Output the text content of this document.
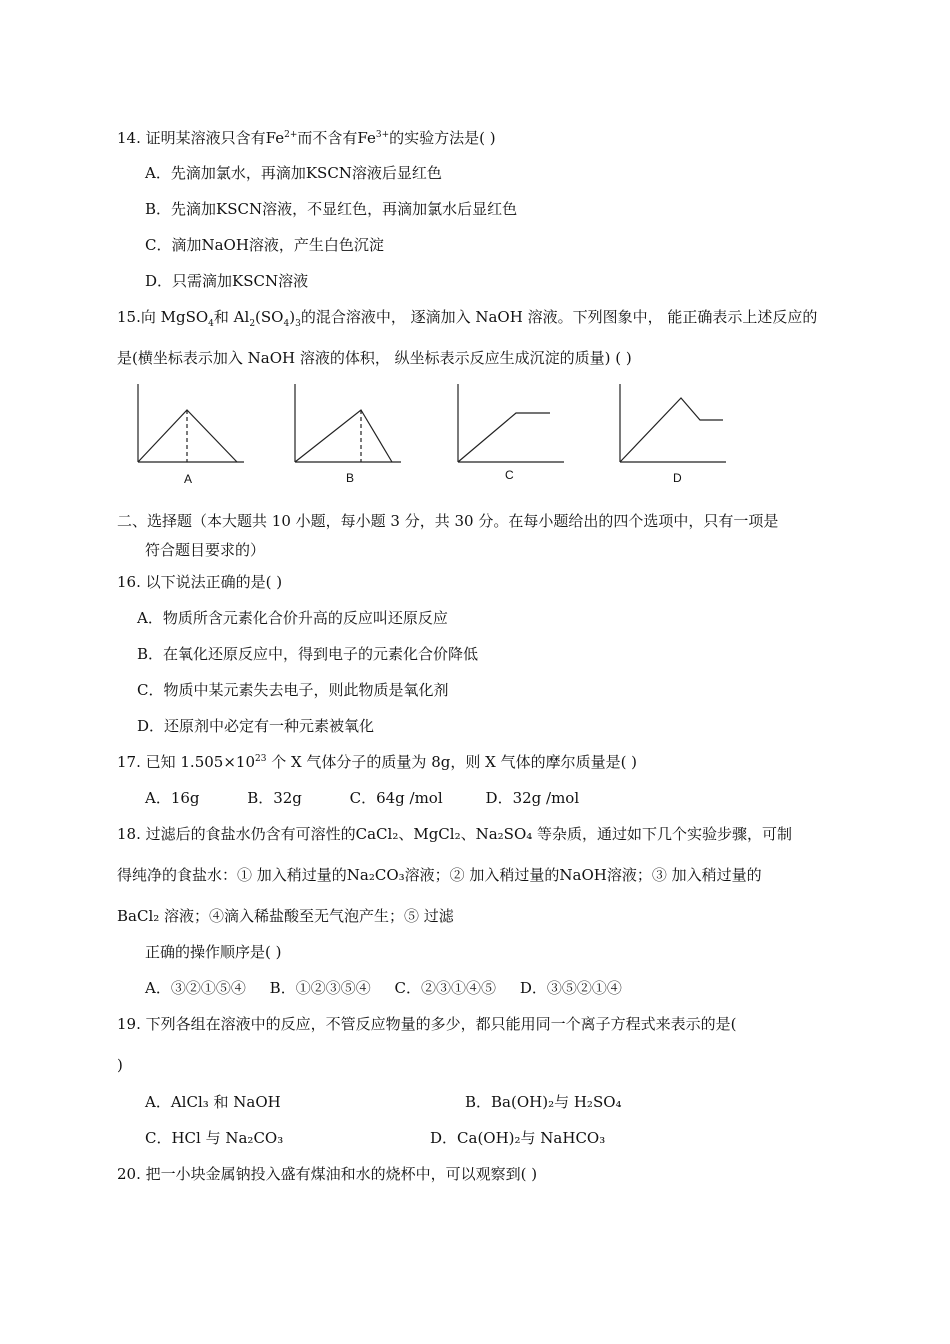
14. 证明某溶液只含有$Fe^{2+}$而不含有$Fe^{3+}$的实验方法是( )
A．先滴加氯水，再滴加KSCN溶液后显红色
B．先滴加KSCN溶液，不显红色，再滴加氯水后显红色
C．滴加NaOH溶液，产生白色沉淀
D．只需滴加KSCN溶液
15.向 MgSO$_4$和 $Al_2(SO_4)_3$的混合溶液中， 逐滴加入 NaOH 溶液。下列图象中， 能正确表示上述反应的
是(横坐标表示加入 NaOH 溶液的体积， 纵坐标表示反应生成沉淀的质量) ( )
A	B	C	D
二、选择题（本大题共 10 小题，每小题 3 分，共 30 分。在每小题给出的四个选项中，只有一项是
符合题目要求的）
16. 以下说法正确的是( )
A．物质所含元素化合价升高的反应叫还原反应
B．在氧化还原反应中，得到电子的元素化合价降低
C．物质中某元素失去电子，则此物质是氧化剂
D．还原剂中必定有一种元素被氧化
17. 已知 $1.505\times 10^{23}$ 个 X 气体分子的质量为 8g，则 X 气体的摩尔质量是( )
A．16g          B．32g          C．64g /mol         D．32g /mol
18. 过滤后的食盐水仍含有可溶性的CaCl₂、MgCl₂、Na₂SO₄ 等杂质，通过如下几个实验步骤，可制
得纯净的食盐水：① 加入稍过量的Na₂CO₃溶液；② 加入稍过量的NaOH溶液；③ 加入稍过量的
BaCl₂ 溶液；④滴入稀盐酸至无气泡产生；⑤ 过滤
正确的操作顺序是( )
A．③②①⑤④     B．①②③⑤④     C．②③①④⑤     D．③⑤②①④
19. 下列各组在溶液中的反应，不管反应物量的多少，都只能用同一个离子方程式来表示的是(
)
A．AlCl₃ 和 NaOH	B．Ba(OH)₂与 H₂SO₄
C．HCl 与 Na₂CO₃	D．Ca(OH)₂与 NaHCO₃
20. 把一小块金属钠投入盛有煤油和水的烧杯中，可以观察到( )
